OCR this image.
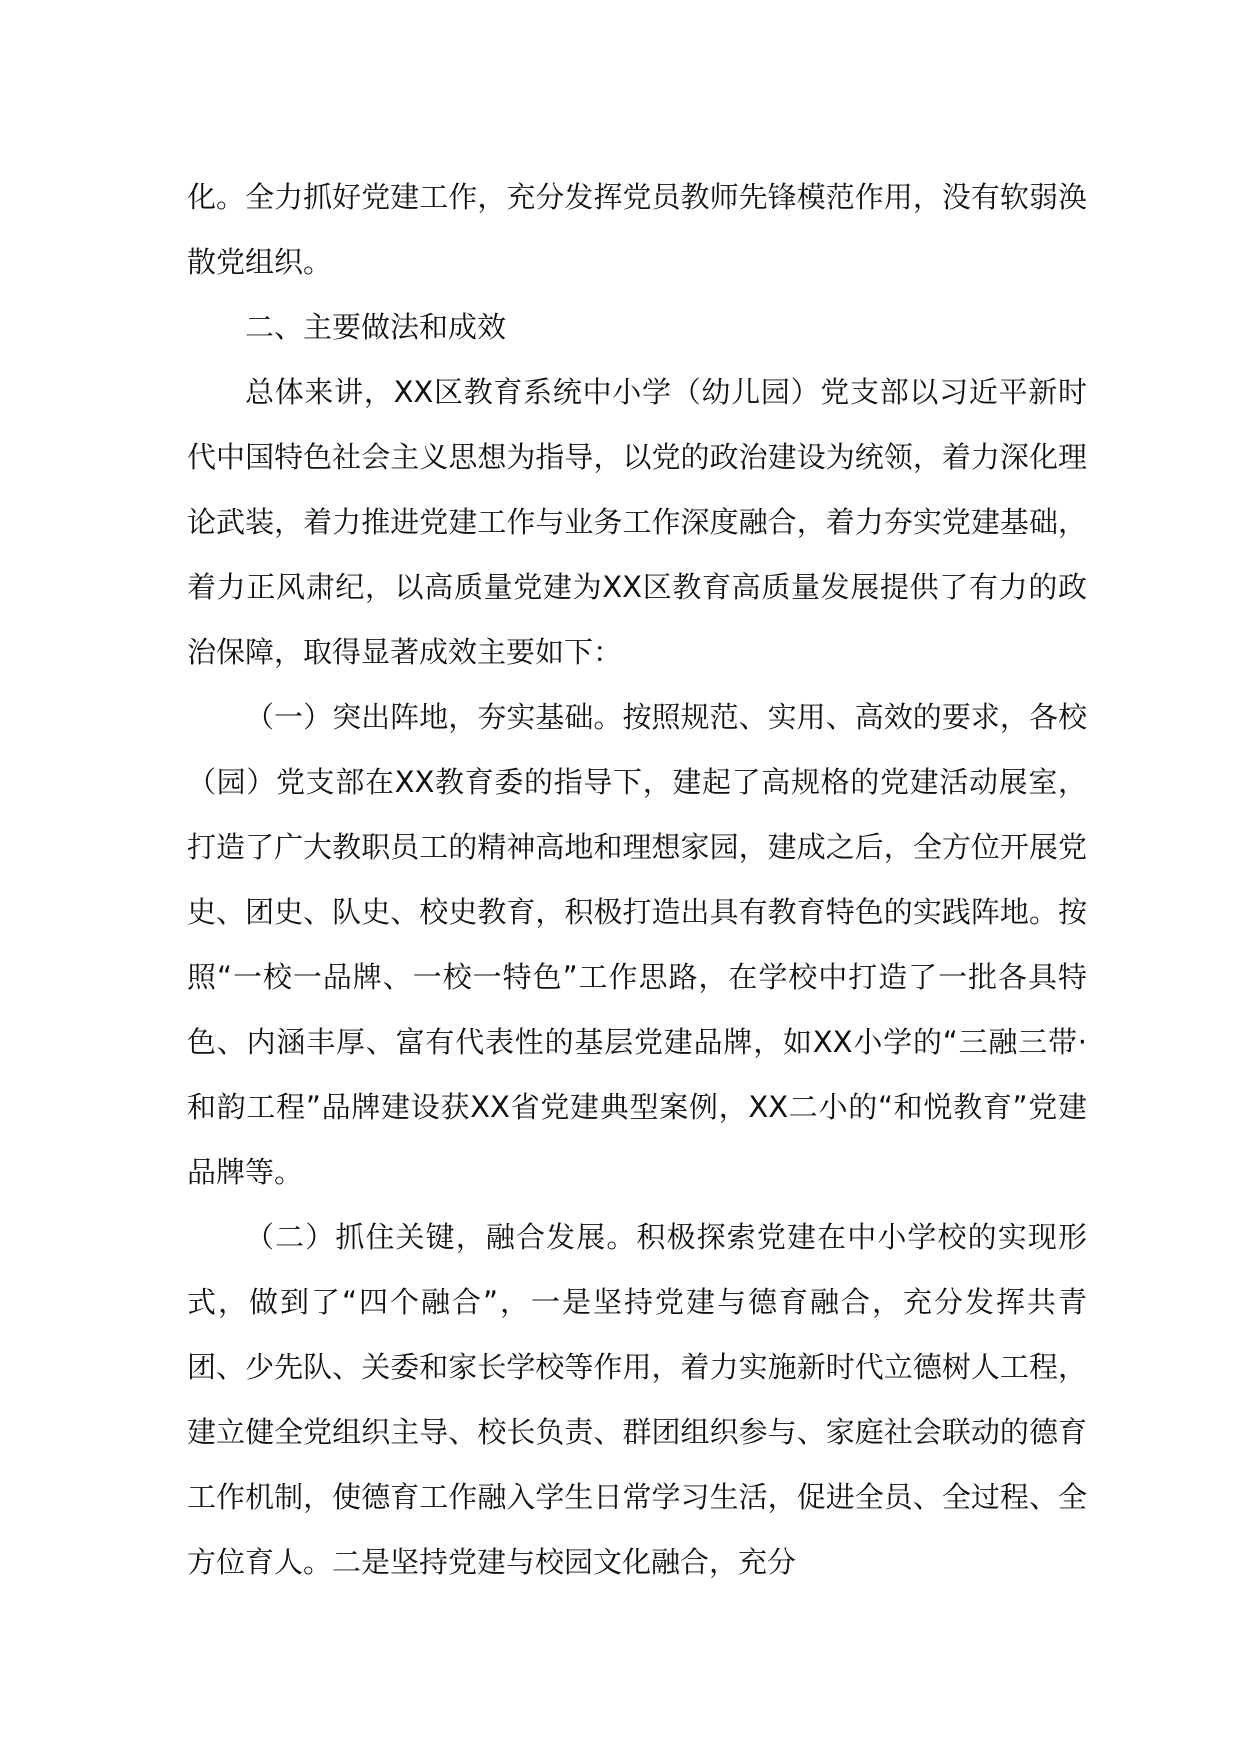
化。全力抓好党建工作，充分发挥党员教师先锋模范作用，没有软弱涣散党组织。

二、主要做法和成效

总体来讲，XX区教育系统中小学（幼儿园）党支部以习近平新时代中国特色社会主义思想为指导，以党的政治建设为统领，着力深化理论武装，着力推进党建工作与业务工作深度融合，着力夯实党建基础，着力正风肃纪，以高质量党建为XX区教育高质量发展提供了有力的政治保障，取得显著成效主要如下：

（一）突出阵地，夯实基础。按照规范、实用、高效的要求，各校（园）党支部在XX教育委的指导下，建起了高规格的党建活动展室，打造了广大教职员工的精神高地和理想家园，建成之后，全方位开展党史、团史、队史、校史教育，积极打造出具有教育特色的实践阵地。按照“一校一品牌、一校一特色”工作思路，在学校中打造了一批各具特色、内涵丰厚、富有代表性的基层党建品牌，如XX小学的“三融三带·和韵工程”品牌建设获XX省党建典型案例，XX二小的“和悦教育”党建品牌等。

（二）抓住关键，融合发展。积极探索党建在中小学校的实现形式，做到了“四个融合”，一是坚持党建与德育融合，充分发挥共青团、少先队、关委和家长学校等作用，着力实施新时代立德树人工程，建立健全党组织主导、校长负责、群团组织参与、家庭社会联动的德育工作机制，使德育工作融入学生日常学习生活，促进全员、全过程、全方位育人。二是坚持党建与校园文化融合，充分
